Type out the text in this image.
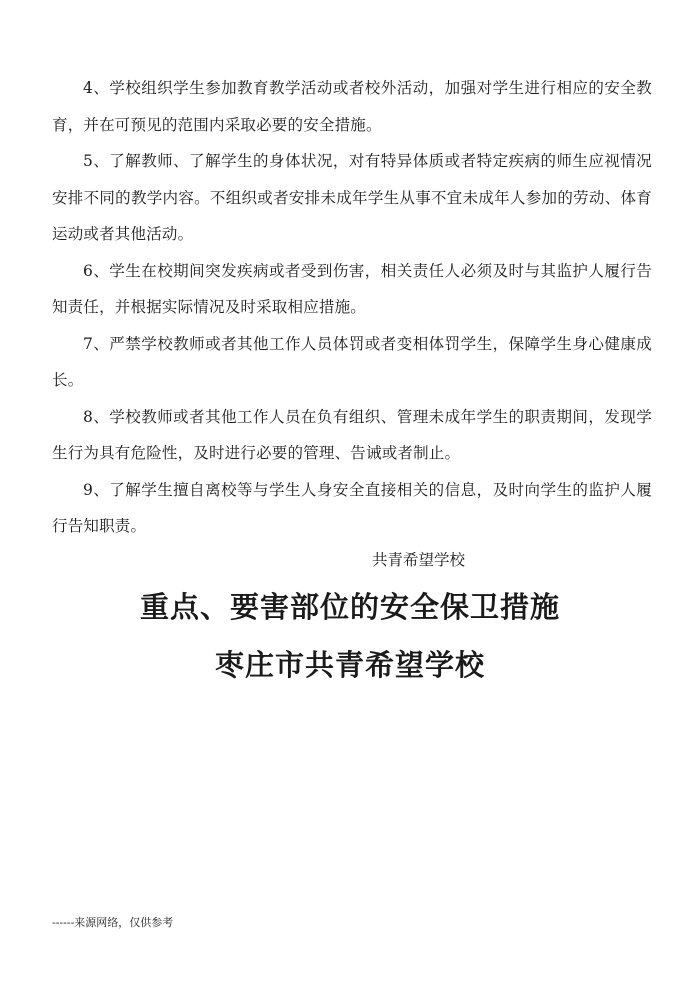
4、学校组织学生参加教育教学活动或者校外活动，加强对学生进行相应的安全教育，并在可预见的范围内采取必要的安全措施。

5、了解教师、了解学生的身体状况，对有特异体质或者特定疾病的师生应视情况安排不同的教学内容。不组织或者安排未成年学生从事不宜未成年人参加的劳动、体育运动或者其他活动。

6、学生在校期间突发疾病或者受到伤害，相关责任人必须及时与其监护人履行告知责任，并根据实际情况及时采取相应措施。

7、严禁学校教师或者其他工作人员体罚或者变相体罚学生，保障学生身心健康成长。

8、学校教师或者其他工作人员在负有组织、管理未成年学生的职责期间，发现学生行为具有危险性，及时进行必要的管理、告诫或者制止。

9、了解学生擅自离校等与学生人身安全直接相关的信息，及时向学生的监护人履行告知职责。

共青希望学校
重点、要害部位的安全保卫措施
枣庄市共青希望学校
------来源网络，仅供参考
